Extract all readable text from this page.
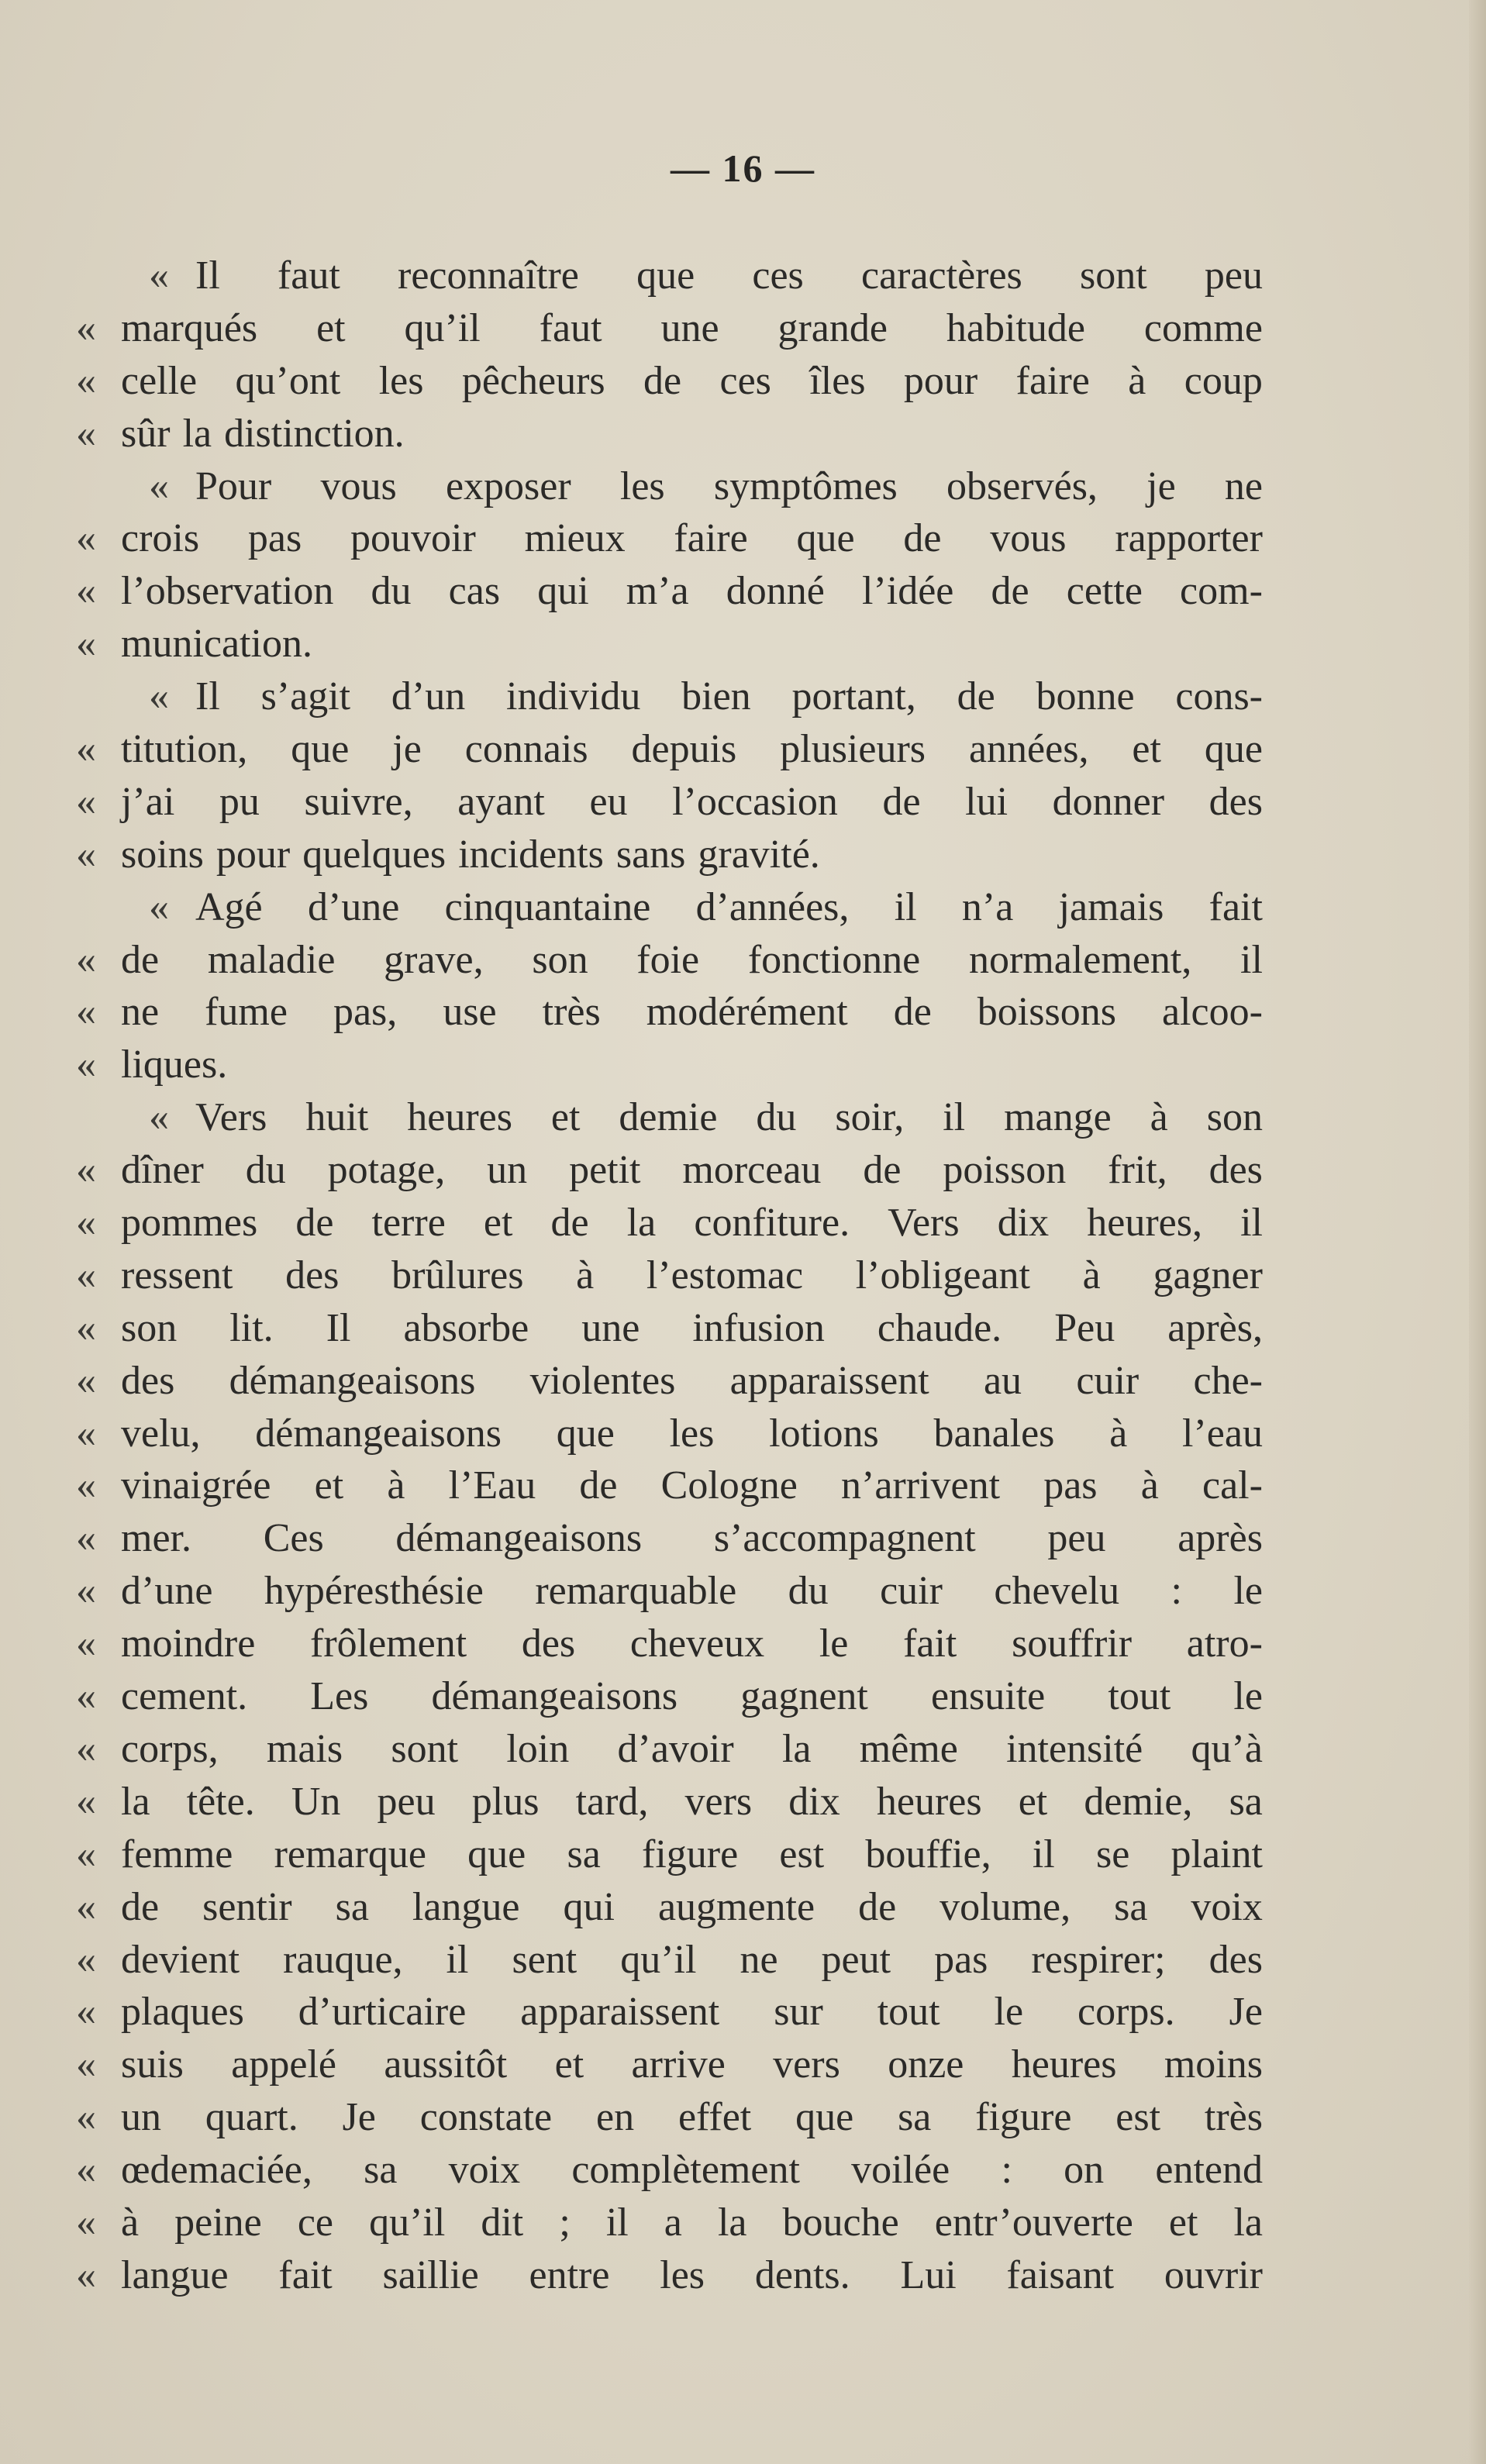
— 16 —
« Il faut reconnaître que ces caractères sont peu
« marqués et qu’il faut une grande habitude comme
« celle qu’ont les pêcheurs de ces îles pour faire à coup
« sûr la distinction.
« Pour vous exposer les symptômes observés, je ne
« crois pas pouvoir mieux faire que de vous rapporter
« l’observation du cas qui m’a donné l’idée de cette com-
« munication.
« Il s’agit d’un individu bien portant, de bonne cons-
« titution, que je connais depuis plusieurs années, et que
« j’ai pu suivre, ayant eu l’occasion de lui donner des
« soins pour quelques incidents sans gravité.
« Agé d’une cinquantaine d’années, il n’a jamais fait
« de maladie grave, son foie fonctionne normalement, il
« ne fume pas, use très modérément de boissons alcoo-
« liques.
« Vers huit heures et demie du soir, il mange à son
« dîner du potage, un petit morceau de poisson frit, des
« pommes de terre et de la confiture. Vers dix heures, il
« ressent des brûlures à l’estomac l’obligeant à gagner
« son lit. Il absorbe une infusion chaude. Peu après,
« des démangeaisons violentes apparaissent au cuir che-
« velu, démangeaisons que les lotions banales à l’eau
« vinaigrée et à l’Eau de Cologne n’arrivent pas à cal-
« mer. Ces démangeaisons s’accompagnent peu après
« d’une hypéresthésie remarquable du cuir chevelu : le
« moindre frôlement des cheveux le fait souffrir atro-
« cement. Les démangeaisons gagnent ensuite tout le
« corps, mais sont loin d’avoir la même intensité qu’à
« la tête. Un peu plus tard, vers dix heures et demie, sa
« femme remarque que sa figure est bouffie, il se plaint
« de sentir sa langue qui augmente de volume, sa voix
« devient rauque, il sent qu’il ne peut pas respirer; des
« plaques d’urticaire apparaissent sur tout le corps. Je
« suis appelé aussitôt et arrive vers onze heures moins
« un quart. Je constate en effet que sa figure est très
« œdemaciée, sa voix complètement voilée : on entend
« à peine ce qu’il dit ; il a la bouche entr’ouverte et la
« langue fait saillie entre les dents. Lui faisant ouvrir
